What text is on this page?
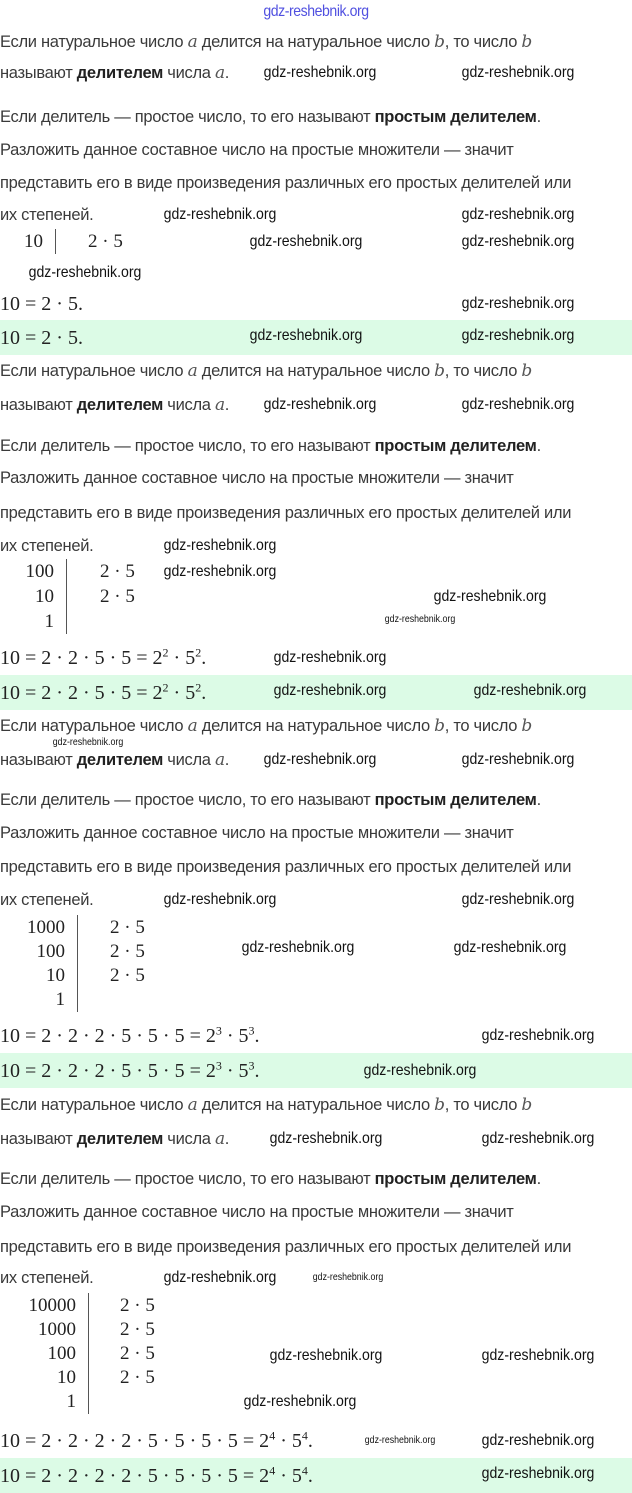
Если натуральное число a делится на натуральное число b, то число b
называют делителем числа a.
Если делитель — простое число, то его называют простым делителем.
Разложить данное составное число на простые множители — значит
представить его в виде произведения различных его простых делителей или
их степеней.
10 2 · 5
10 = 2 · 5.
10 = 2 · 5.
Если натуральное число a делится на натуральное число b, то число b
называют делителем числа a.
Если делитель — простое число, то его называют простым делителем.
Разложить данное составное число на простые множители — значит
представить его в виде произведения различных его простых делителей или
их степеней.
100 2 · 5
10 2 · 5
1
$10 = 2 \cdot 2 \cdot 5 \cdot 5 = 2^2 \cdot 5^2$.
$10 = 2 \cdot 2 \cdot 5 \cdot 5 = 2^2 \cdot 5^2$.
Если натуральное число a делится на натуральное число b, то число b
называют делителем числа a.
Если делитель — простое число, то его называют простым делителем.
Разложить данное составное число на простые множители — значит
представить его в виде произведения различных его простых делителей или
их степеней.
1000 2 · 5
100 2 · 5
10 2 · 5
1
$10 = 2 \cdot 2 \cdot 2 \cdot 5 \cdot 5 \cdot 5 = 2^3 \cdot 5^3$.
$10 = 2 \cdot 2 \cdot 2 \cdot 5 \cdot 5 \cdot 5 = 2^3 \cdot 5^3$.
Если натуральное число a делится на натуральное число b, то число b
называют делителем числа a.
Если делитель — простое число, то его называют простым делителем.
Разложить данное составное число на простые множители — значит
представить его в виде произведения различных его простых делителей или
их степеней.
10000 2 · 5
1000 2 · 5
100 2 · 5
10 2 · 5
1
$10 = 2 \cdot 2 \cdot 2 \cdot 2 \cdot 5 \cdot 5 \cdot 5 \cdot 5 = 2^4 \cdot 5^4$.
$10 = 2 \cdot 2 \cdot 2 \cdot 2 \cdot 5 \cdot 5 \cdot 5 \cdot 5 = 2^4 \cdot 5^4$.
gdz-reshebnik.org
gdz-reshebnik.org	gdz-reshebnik.org
gdz-reshebnik.org	gdz-reshebnik.org
gdz-reshebnik.org	gdz-reshebnik.org
gdz-reshebnik.org
gdz-reshebnik.org
gdz-reshebnik.org	gdz-reshebnik.org
gdz-reshebnik.org	gdz-reshebnik.org
gdz-reshebnik.org
gdz-reshebnik.org
gdz-reshebnik.org
gdz-reshebnik.org
gdz-reshebnik.org
gdz-reshebnik.org	gdz-reshebnik.org
gdz-reshebnik.org
gdz-reshebnik.org	gdz-reshebnik.org
gdz-reshebnik.org	gdz-reshebnik.org
gdz-reshebnik.org	gdz-reshebnik.org
gdz-reshebnik.org
gdz-reshebnik.org
gdz-reshebnik.org	gdz-reshebnik.org
gdz-reshebnik.org	gdz-reshebnik.org
gdz-reshebnik.org	gdz-reshebnik.org
gdz-reshebnik.org
gdz-reshebnik.org	gdz-reshebnik.org
gdz-reshebnik.org
